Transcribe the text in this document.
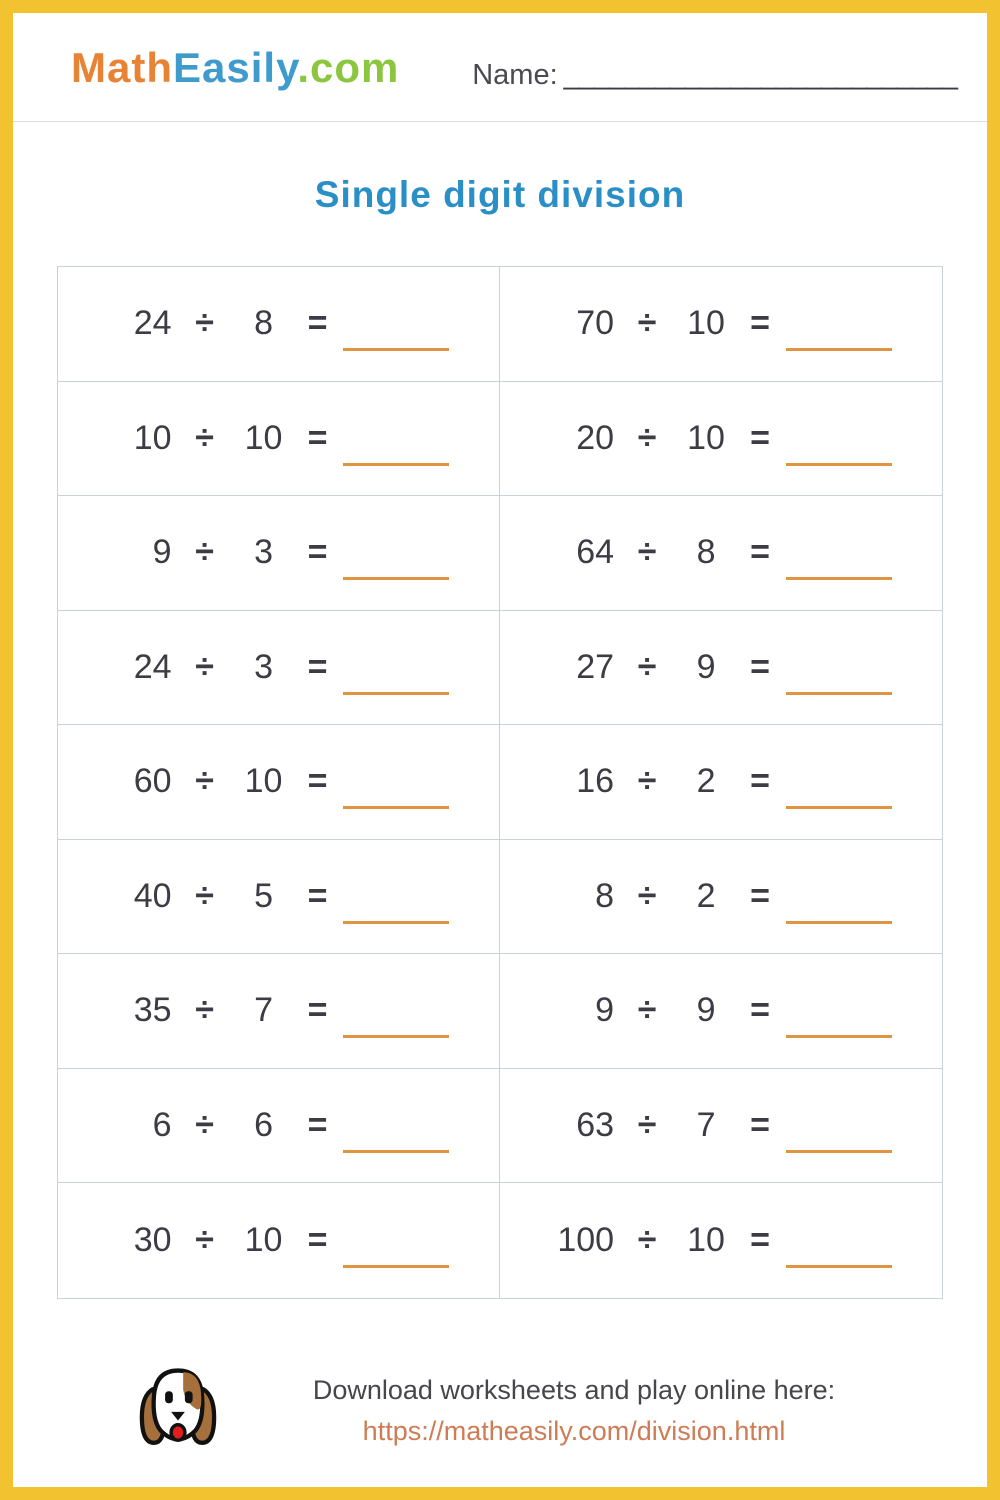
MathEasily.com	Name: __________________________
Single digit division
24 ÷	8	=	70 ÷ 10 =
10 ÷ 10 =	20 ÷ 10 =
9 ÷	3	=	64 ÷	8	=
24 ÷	3	=	27 ÷	9	=
60 ÷ 10 =	16 ÷	2	=
40 ÷	5	=	8 ÷	2	=
35 ÷	7	=	9 ÷	9	=
6 ÷	6	=	63 ÷	7	=
30 ÷ 10 =	100 ÷ 10 =
Download worksheets and play online here:
https://matheasily.com/division.html
